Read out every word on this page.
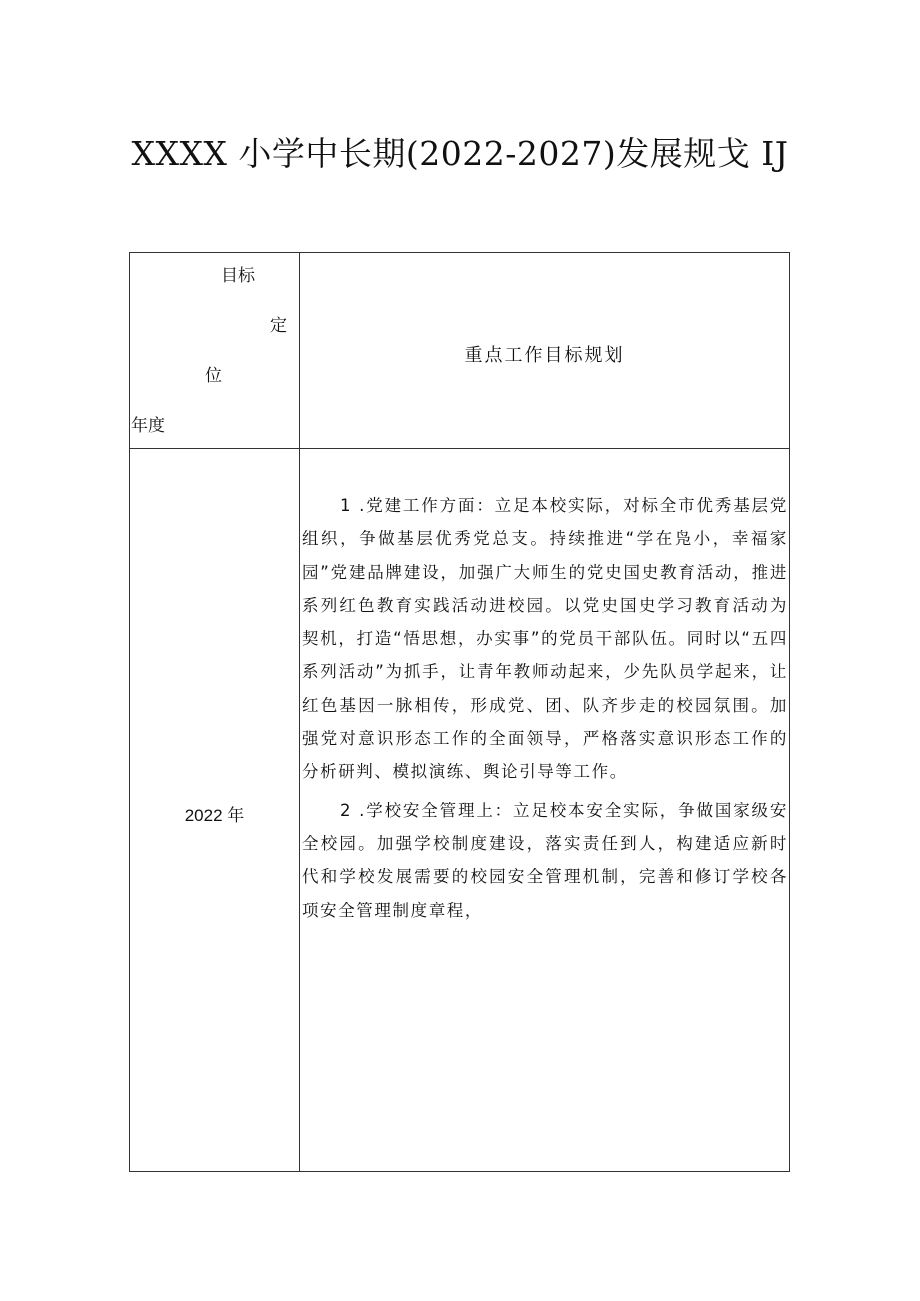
XXXX 小学中长期(2022-2027)发展规戈 IJ
目标
定
位
年度
重点工作目标规划
2022 年

1 .党建工作方面：立足本校实际，对标全市优秀基层党组织，争做基层优秀党总支。持续推进“学在凫小，幸福家园”党建品牌建设，加强广大师生的党史国史教育活动，推进系列红色教育实践活动进校园。以党史国史学习教育活动为契机，打造“悟思想，办实事”的党员干部队伍。同时以“五四系列活动”为抓手，让青年教师动起来，少先队员学起来，让红色基因一脉相传，形成党、团、队齐步走的校园氛围。加强党对意识形态工作的全面领导，严格落实意识形态工作的分析研判、模拟演练、舆论引导等工作。

2 .学校安全管理上：立足校本安全实际，争做国家级安全校园。加强学校制度建设，落实责任到人，构建适应新时代和学校发展需要的校园安全管理机制，完善和修订学校各项安全管理制度章程，
